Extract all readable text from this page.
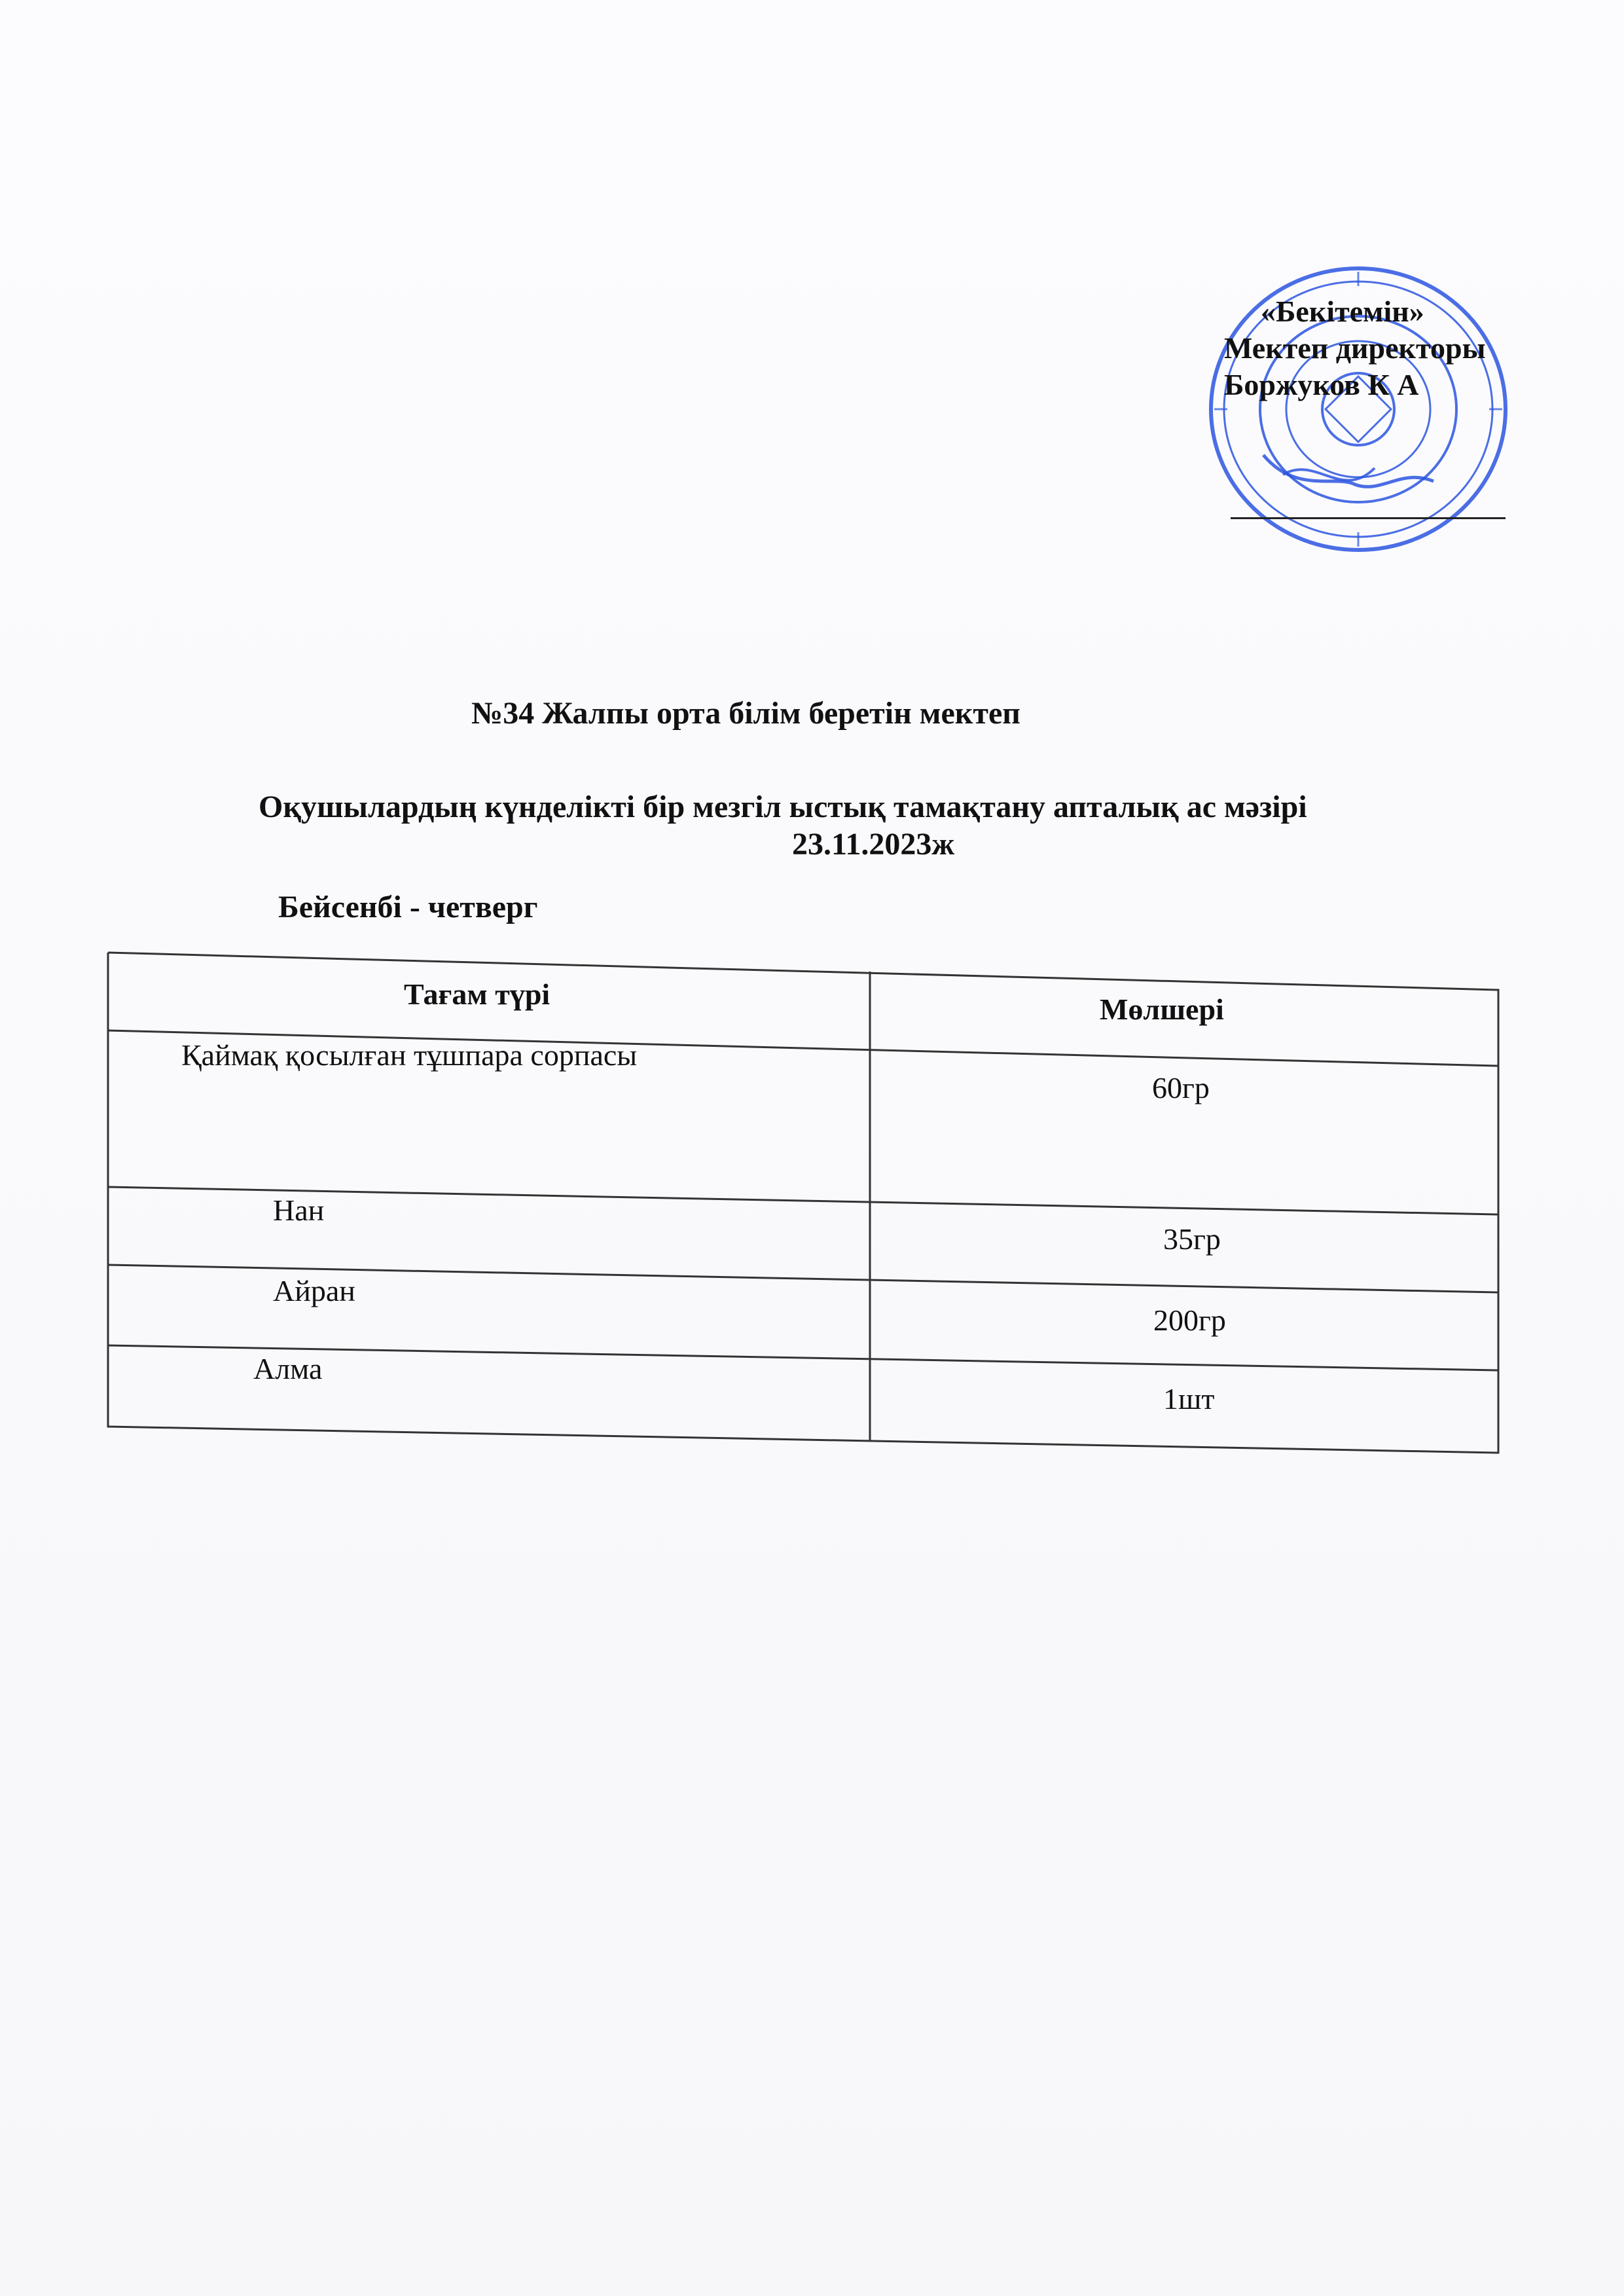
«Бекітемін»
Мектеп директоры
Боржуков К А
№34 Жалпы орта білім беретін мектеп
Оқушылардың күнделікті бір мезгіл ыстық тамақтану апталық ас мәзірі
23.11.2023ж
Бейсенбі - четверг
Тағам түрі	Мөлшері
Қаймақ қосылған тұшпара сорпасы
60гр
Нан
35гр
Айран
200гр
Алма
1шт
